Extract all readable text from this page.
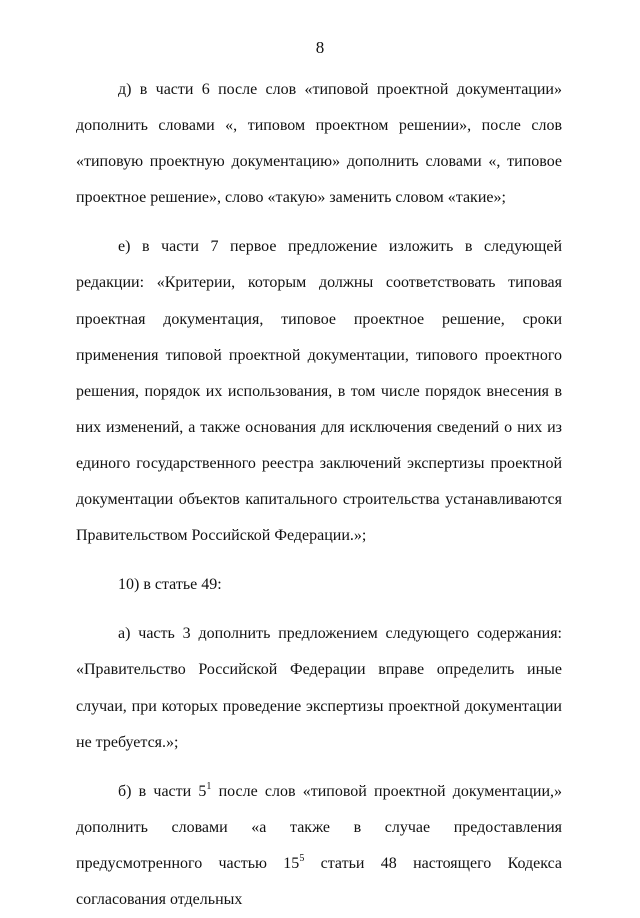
8

д) в части 6 после слов «типовой проектной документации» дополнить словами «, типовом проектном решении», после слов «типовую проектную документацию» дополнить словами «, типовое проектное решение», слово «такую» заменить словом «такие»;

е) в части 7 первое предложение изложить в следующей редакции: «Критерии, которым должны соответствовать типовая проектная документация, типовое проектное решение, сроки применения типовой проектной документации, типового проектного решения, порядок их использования, в том числе порядок внесения в них изменений, а также основания для исключения сведений о них из единого государственного реестра заключений экспертизы проектной документации объектов капитального строительства устанавливаются Правительством Российской Федерации.»;

10) в статье 49:

а) часть 3 дополнить предложением следующего содержания: «Правительство Российской Федерации вправе определить иные случаи, при которых проведение экспертизы проектной документации не требуется.»;

б) в части $5^1$ после слов «типовой проектной документации,» дополнить словами «а также в случае предоставления предусмотренного частью $15^5$ статьи 48 настоящего Кодекса согласования отдельных
